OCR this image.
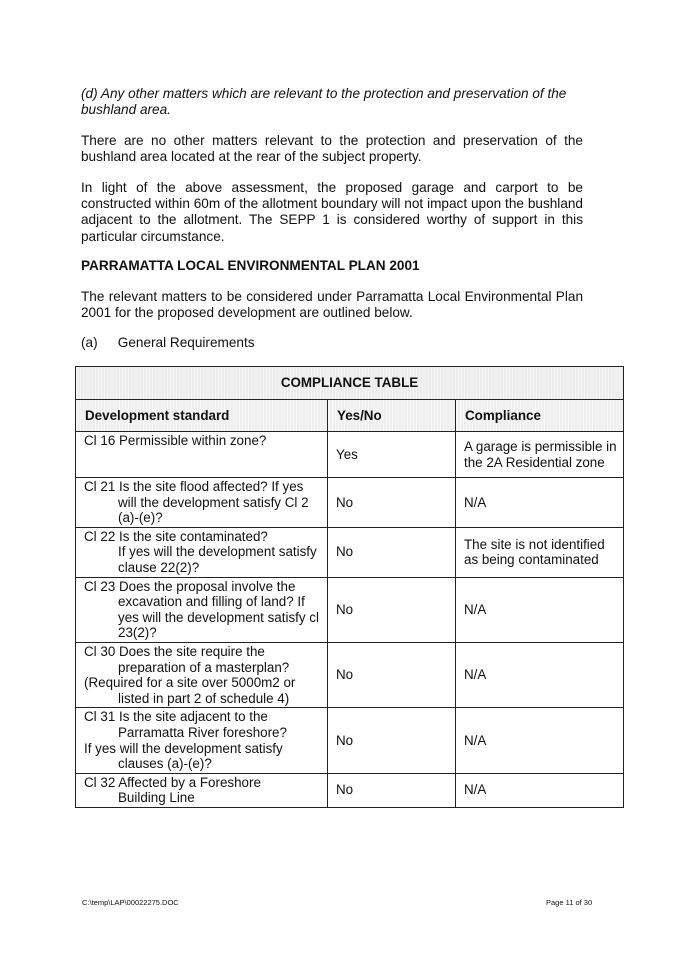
(d) Any other matters which are relevant to the protection and preservation of the bushland area.

There are no other matters relevant to the protection and preservation of the bushland area located at the rear of the subject property.

In light of the above assessment, the proposed garage and carport to be constructed within 60m of the allotment boundary will not impact upon the bushland adjacent to the allotment. The SEPP 1 is considered worthy of support in this particular circumstance.

PARRAMATTA LOCAL ENVIRONMENTAL PLAN 2001

The relevant matters to be considered under Parramatta Local Environmental Plan 2001 for the proposed development are outlined below.

(a) General Requirements

COMPLIANCE TABLE		
Development standard	Yes/No	Compliance

Cl 16 Permissible within zone?	Yes	A garage is permissible in the 2A Residential zone

Cl 21 Is the site flood affected? If yes
will the development satisfy Cl 2 (a)-(e)?	No	N/A

Cl 22 Is the site contaminated?
If yes will the development satisfy clause 22(2)?	No	The site is not identified as being contaminated

Cl 23 Does the proposal involve the
excavation and filling of land? If yes will the development satisfy cl 23(2)?	No	N/A

Cl 30 Does the site require the
preparation of a masterplan?
(Required for a site over 5000m2 or
listed in part 2 of schedule 4)	No	N/A

Cl 31 Is the site adjacent to the
Parramatta River foreshore?
If yes will the development satisfy
clauses (a)-(e)?	No	N/A

Cl 32 Affected by a Foreshore
Building Line	No	N/A

C:\temp\LAP\00022275.DOC	Page 11 of 30
